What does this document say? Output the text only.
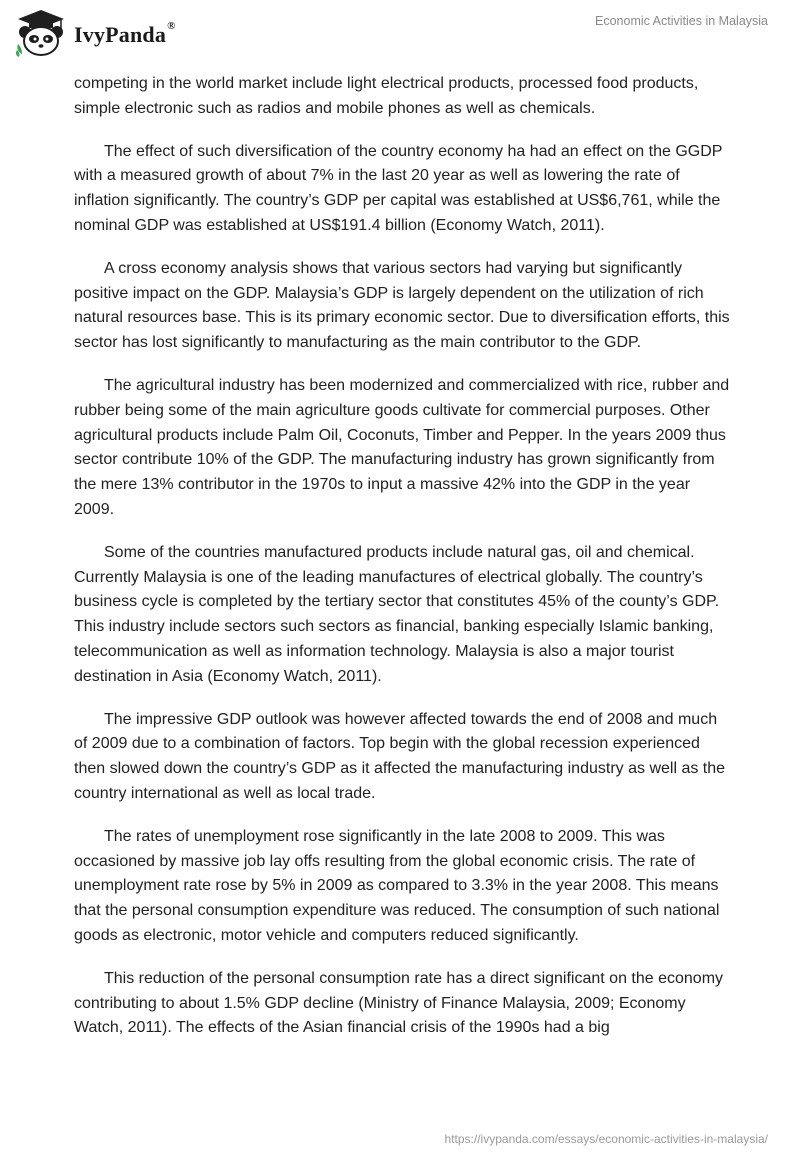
IvyPanda®	Economic Activities in Malaysia

competing in the world market include light electrical products, processed food products, simple electronic such as radios and mobile phones as well as chemicals.

The effect of such diversification of the country economy ha had an effect on the GGDP with a measured growth of about 7% in the last 20 year as well as lowering the rate of inflation significantly. The country’s GDP per capital was established at US$6,761, while the nominal GDP was established at US$191.4 billion (Economy Watch, 2011).

A cross economy analysis shows that various sectors had varying but significantly positive impact on the GDP. Malaysia’s GDP is largely dependent on the utilization of rich natural resources base. This is its primary economic sector. Due to diversification efforts, this sector has lost significantly to manufacturing as the main contributor to the GDP.

The agricultural industry has been modernized and commercialized with rice, rubber and rubber being some of the main agriculture goods cultivate for commercial purposes. Other agricultural products include Palm Oil, Coconuts, Timber and Pepper. In the years 2009 thus sector contribute 10% of the GDP. The manufacturing industry has grown significantly from the mere 13% contributor in the 1970s to input a massive 42% into the GDP in the year 2009.

Some of the countries manufactured products include natural gas, oil and chemical. Currently Malaysia is one of the leading manufactures of electrical globally. The country’s business cycle is completed by the tertiary sector that constitutes 45% of the county’s GDP. This industry include sectors such sectors as financial, banking especially Islamic banking, telecommunication as well as information technology. Malaysia is also a major tourist destination in Asia (Economy Watch, 2011).

The impressive GDP outlook was however affected towards the end of 2008 and much of 2009 due to a combination of factors. Top begin with the global recession experienced then slowed down the country’s GDP as it affected the manufacturing industry as well as the country international as well as local trade.

The rates of unemployment rose significantly in the late 2008 to 2009. This was occasioned by massive job lay offs resulting from the global economic crisis. The rate of unemployment rate rose by 5% in 2009 as compared to 3.3% in the year 2008. This means that the personal consumption expenditure was reduced. The consumption of such national goods as electronic, motor vehicle and computers reduced significantly.

This reduction of the personal consumption rate has a direct significant on the economy contributing to about 1.5% GDP decline (Ministry of Finance Malaysia, 2009; Economy Watch, 2011). The effects of the Asian financial crisis of the 1990s had a big

https://ivypanda.com/essays/economic-activities-in-malaysia/
